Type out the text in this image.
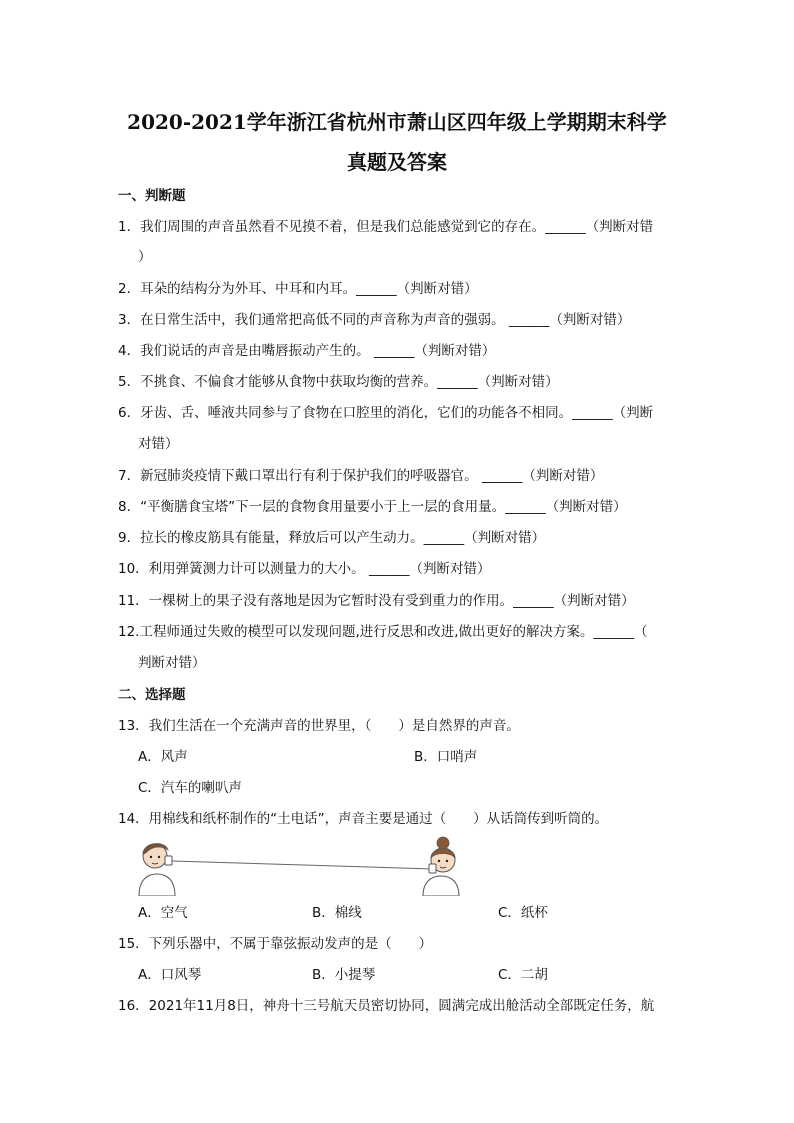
2020-2021学年浙江省杭州市萧山区四年级上学期期末科学
真题及答案
一、判断题
1．我们周围的声音虽然看不见摸不着，但是我们总能感觉到它的存在。______（判断对错
）
2．耳朵的结构分为外耳、中耳和内耳。______（判断对错）
3．在日常生活中，我们通常把高低不同的声音称为声音的强弱。 ______（判断对错）
4．我们说话的声音是由嘴唇振动产生的。 ______（判断对错）
5．不挑食、不偏食才能够从食物中获取均衡的营养。______（判断对错）
6．牙齿、舌、唾液共同参与了食物在口腔里的消化，它们的功能各不相同。______（判断
对错）
7．新冠肺炎疫情下戴口罩出行有利于保护我们的呼吸器官。 ______（判断对错）
8．“平衡膳食宝塔”下一层的食物食用量要小于上一层的食用量。______（判断对错）
9．拉长的橡皮筋具有能量，释放后可以产生动力。______（判断对错）
10．利用弹簧测力计可以测量力的大小。 ______（判断对错）
11．一棵树上的果子没有落地是因为它暂时没有受到重力的作用。______（判断对错）
12.工程师通过失败的模型可以发现问题,进行反思和改进,做出更好的解决方案。______（
判断对错）
二、选择题
13．我们生活在一个充满声音的世界里，（　　）是自然界的声音。
A．风声	B．口哨声
C．汽车的喇叭声
14．用棉线和纸杯制作的“土电话”，声音主要是通过（　　）从话筒传到听筒的。
A．空气	B．棉线	C．纸杯
15．下列乐器中，不属于靠弦振动发声的是（　　）
A．口风琴	B．小提琴	C．二胡
16．2021年11月8日，神舟十三号航天员密切协同，圆满完成出舱活动全部既定任务，航
